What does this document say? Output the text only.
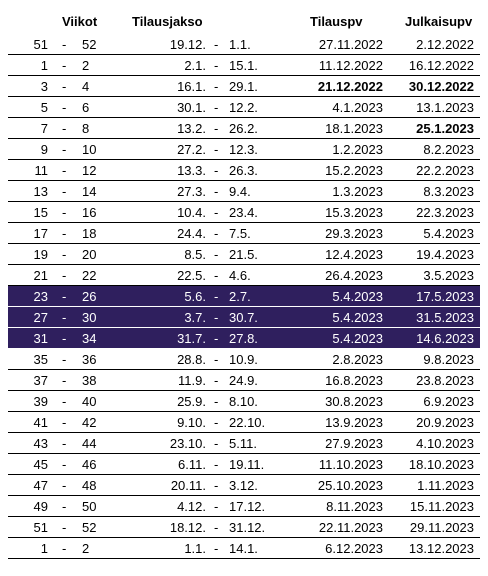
Viikot	Tilausjakso	Tilauspv	Julkaisupv
51 - 52	19.12. - 1.1.	27.11.2022	2.12.2022
1 - 2	2.1. - 15.1.	11.12.2022	16.12.2022
3 - 4	16.1. - 29.1.	21.12.2022	30.12.2022
5 - 6	30.1. - 12.2.	4.1.2023	13.1.2023
7 - 8	13.2. - 26.2.	18.1.2023	25.1.2023
9 - 10	27.2. - 12.3.	1.2.2023	8.2.2023
11 - 12	13.3. - 26.3.	15.2.2023	22.2.2023
13 - 14	27.3. - 9.4.	1.3.2023	8.3.2023
15 - 16	10.4. - 23.4.	15.3.2023	22.3.2023
17 - 18	24.4. - 7.5.	29.3.2023	5.4.2023
19 - 20	8.5. - 21.5.	12.4.2023	19.4.2023
21 - 22	22.5. - 4.6.	26.4.2023	3.5.2023
23 - 26	5.6. - 2.7.	5.4.2023	17.5.2023
27 - 30	3.7. - 30.7.	5.4.2023	31.5.2023
31 - 34	31.7. - 27.8.	5.4.2023	14.6.2023
35 - 36	28.8. - 10.9.	2.8.2023	9.8.2023
37 - 38	11.9. - 24.9.	16.8.2023	23.8.2023
39 - 40	25.9. - 8.10.	30.8.2023	6.9.2023
41 - 42	9.10. - 22.10.	13.9.2023	20.9.2023
43 - 44	23.10. - 5.11.	27.9.2023	4.10.2023
45 - 46	6.11. - 19.11.	11.10.2023	18.10.2023
47 - 48	20.11. - 3.12.	25.10.2023	1.11.2023
49 - 50	4.12. - 17.12.	8.11.2023	15.11.2023
51 - 52	18.12. - 31.12.	22.11.2023	29.11.2023
1 - 2	1.1. - 14.1.	6.12.2023	13.12.2023
